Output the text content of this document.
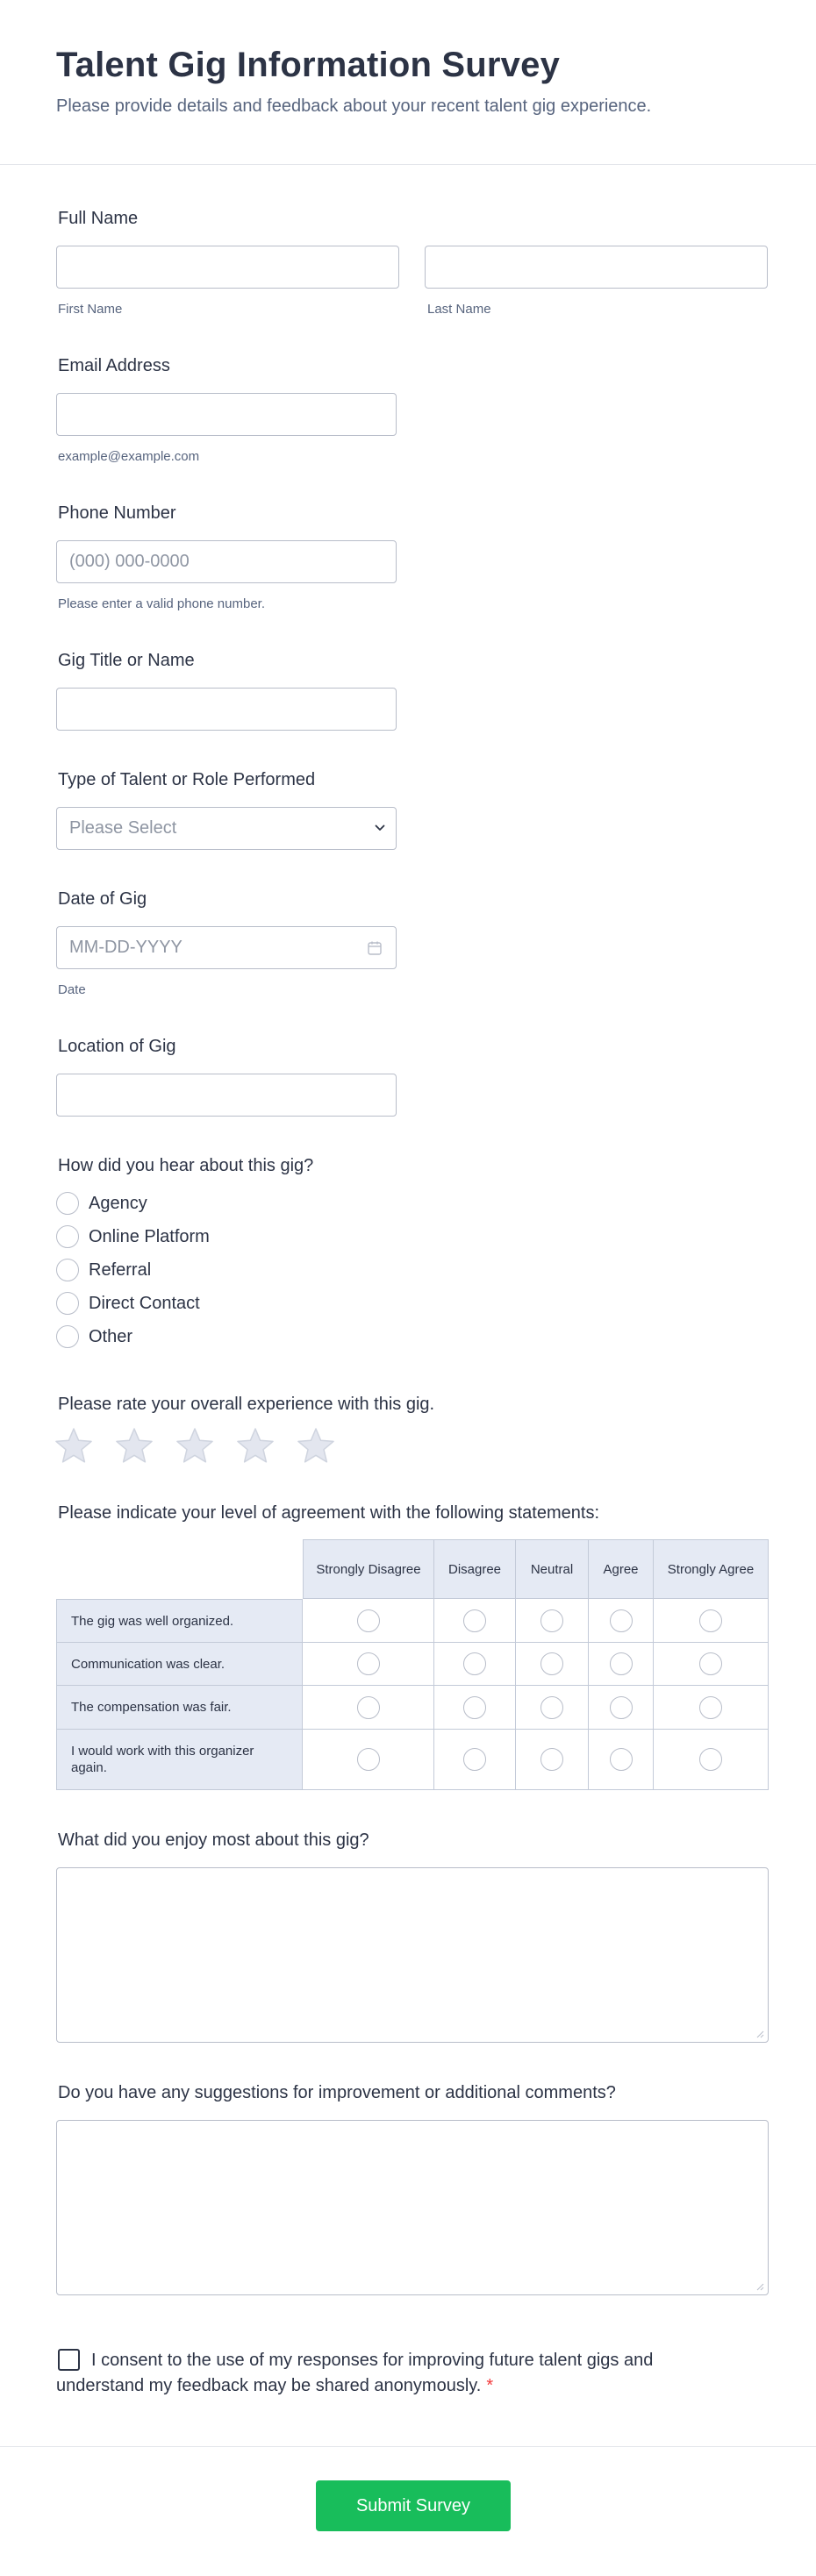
Talent Gig Information Survey

Please provide details and feedback about your recent talent gig experience.

Full Name
First Name	Last Name
Email Address
example@example.com
Phone Number
(000) 000-0000
Please enter a valid phone number.
Gig Title or Name
Type of Talent or Role Performed
Please Select
Date of Gig
MM-DD-YYYY
Date
Location of Gig
How did you hear about this gig?
Agency
Online Platform
Referral
Direct Contact
Other
Please rate your overall experience with this gig.
Please indicate your level of agreement with the following statements:
Strongly Disagree	Disagree	Neutral	Agree	Strongly Agree
The gig was well organized.
Communication was clear.
The compensation was fair.
I would work with this organizer again.
What did you enjoy most about this gig?
Do you have any suggestions for improvement or additional comments?
I consent to the use of my responses for improving future talent gigs and understand my feedback may be shared anonymously. *
Submit Survey
